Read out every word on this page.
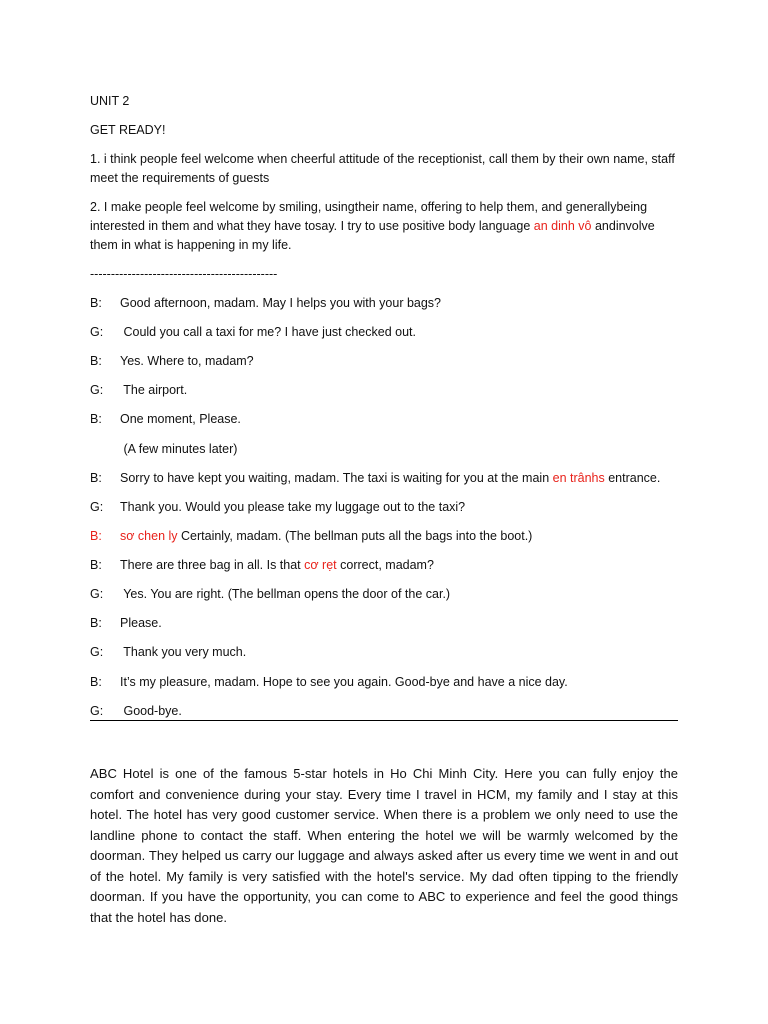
UNIT 2
GET READY!
1. i think people feel welcome when cheerful attitude of the receptionist, call them by their own name, staff meet the requirements of guests
2. I make people feel welcome by smiling, usingtheir name, offering to help them, and generallybeing interested in them and what they have tosay. I try to use positive body language an dinh vô andinvolve them in what is happening in my life.
---------------------------------------------
B: Good afternoon, madam. May I helps you with your bags?
G: Could you call a taxi for me? I have just checked out.
B: Yes. Where to, madam?
G: The airport.
B: One moment, Please.
(A few minutes later)
B: Sorry to have kept you waiting, madam. The taxi is waiting for you at the main en trânhs entrance.
G: Thank you. Would you please take my luggage out to the taxi?
B: sơ chen ly Certainly, madam. (The bellman puts all the bags into the boot.)
B: There are three bag in all. Is that cơ rẹt correct, madam?
G: Yes. You are right. (The bellman opens the door of the car.)
B: Please.
G: Thank you very much.
B: It’s my pleasure, madam. Hope to see you again. Good-bye and have a nice day.
G: Good-bye.
ABC Hotel is one of the famous 5-star hotels in Ho Chi Minh City. Here you can fully enjoy the comfort and convenience during your stay. Every time I travel in HCM, my family and I stay at this hotel. The hotel has very good customer service. When there is a problem we only need to use the landline phone to contact the staff. When entering the hotel we will be warmly welcomed by the doorman. They helped us carry our luggage and always asked after us every time we went in and out of the hotel. My family is very satisfied with the hotel's service. My dad often tipping to the friendly doorman. If you have the opportunity, you can come to ABC to experience and feel the good things that the hotel has done.
